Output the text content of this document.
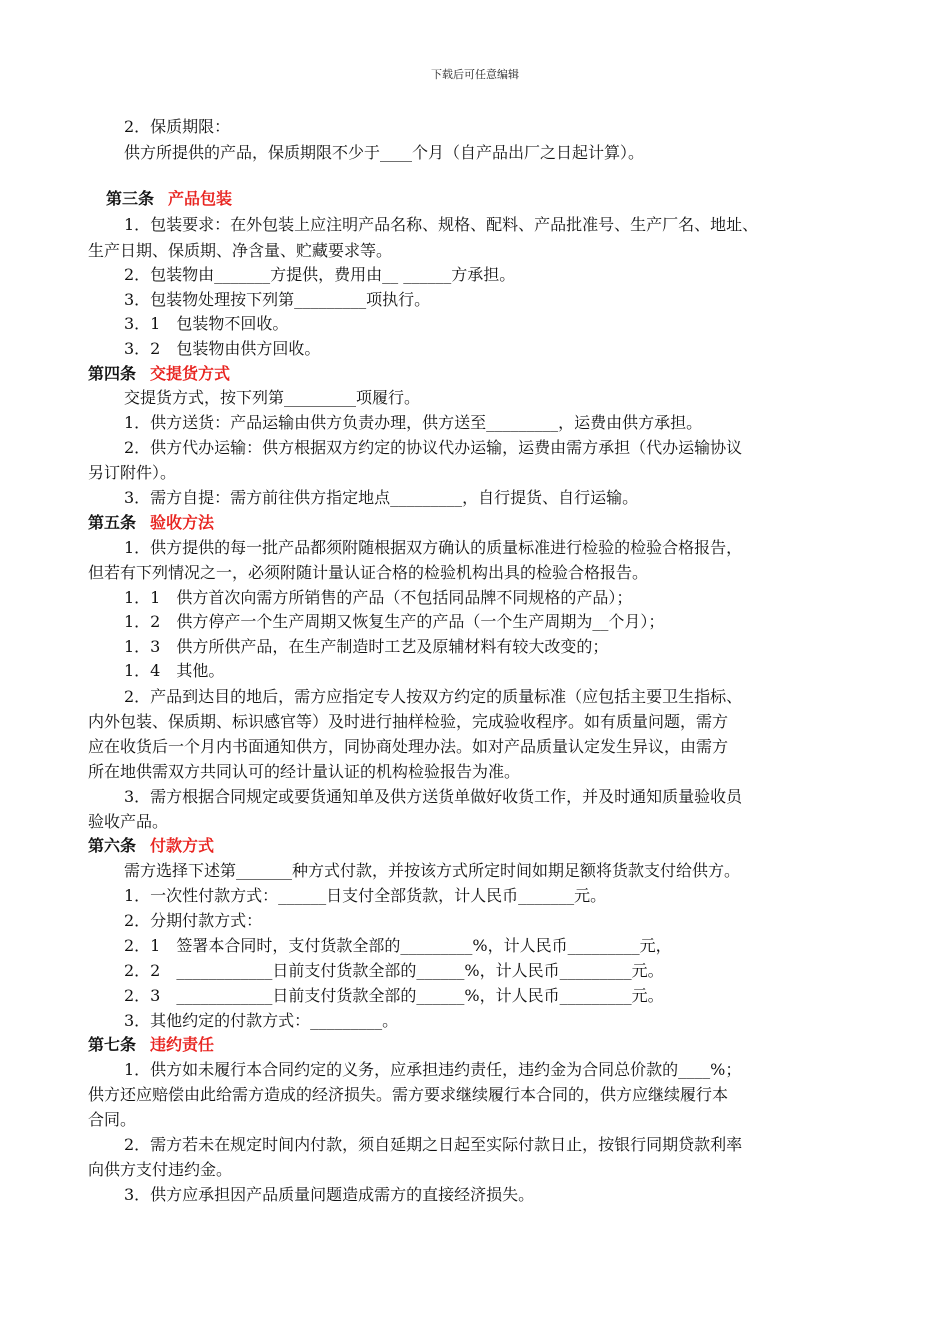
下载后可任意编辑
2．保质期限：
供方所提供的产品，保质期限不少于____个月（自产品出厂之日起计算）。
第三条 产品包装
1．包装要求：在外包装上应注明产品名称、规格、配料、产品批准号、生产厂名、地址、
生产日期、保质期、净含量、贮藏要求等。
2．包装物由_______方提供，费用由__ ______方承担。
3．包装物处理按下列第_________项执行。
3．1　包装物不回收。
3．2　包装物由供方回收。
第四条 交提货方式
交提货方式，按下列第_________项履行。
1．供方送货：产品运输由供方负责办理，供方送至_________，运费由供方承担。
2．供方代办运输：供方根据双方约定的协议代办运输，运费由需方承担（代办运输协议
另订附件）。
3．需方自提：需方前往供方指定地点_________，自行提货、自行运输。
第五条 验收方法
1．供方提供的每一批产品都须附随根据双方确认的质量标准进行检验的检验合格报告，
但若有下列情况之一，必须附随计量认证合格的检验机构出具的检验合格报告。
1．1　供方首次向需方所销售的产品（不包括同品牌不同规格的产品）；
1．2　供方停产一个生产周期又恢复生产的产品（一个生产周期为__个月）；
1．3　供方所供产品，在生产制造时工艺及原辅材料有较大改变的；
1．4　其他。
2．产品到达目的地后，需方应指定专人按双方约定的质量标准（应包括主要卫生指标、
内外包装、保质期、标识感官等）及时进行抽样检验，完成验收程序。如有质量问题，需方
应在收货后一个月内书面通知供方，同协商处理办法。如对产品质量认定发生异议，由需方
所在地供需双方共同认可的经计量认证的机构检验报告为准。
3．需方根据合同规定或要货通知单及供方送货单做好收货工作，并及时通知质量验收员
验收产品。
第六条 付款方式
需方选择下述第_______种方式付款，并按该方式所定时间如期足额将货款支付给供方。
1．一次性付款方式：______日支付全部货款，计人民币_______元。
2．分期付款方式：
2．1　签署本合同时，支付货款全部的_________%，计人民币_________元，
2．2　____________日前支付货款全部的______%，计人民币_________元。
2．3　____________日前支付货款全部的______%，计人民币_________元。
3．其他约定的付款方式：_________。
第七条 违约责任
1．供方如未履行本合同约定的义务，应承担违约责任，违约金为合同总价款的____%；
供方还应赔偿由此给需方造成的经济损失。需方要求继续履行本合同的，供方应继续履行本
合同。
2．需方若未在规定时间内付款，须自延期之日起至实际付款日止，按银行同期贷款利率
向供方支付违约金。
3．供方应承担因产品质量问题造成需方的直接经济损失。
